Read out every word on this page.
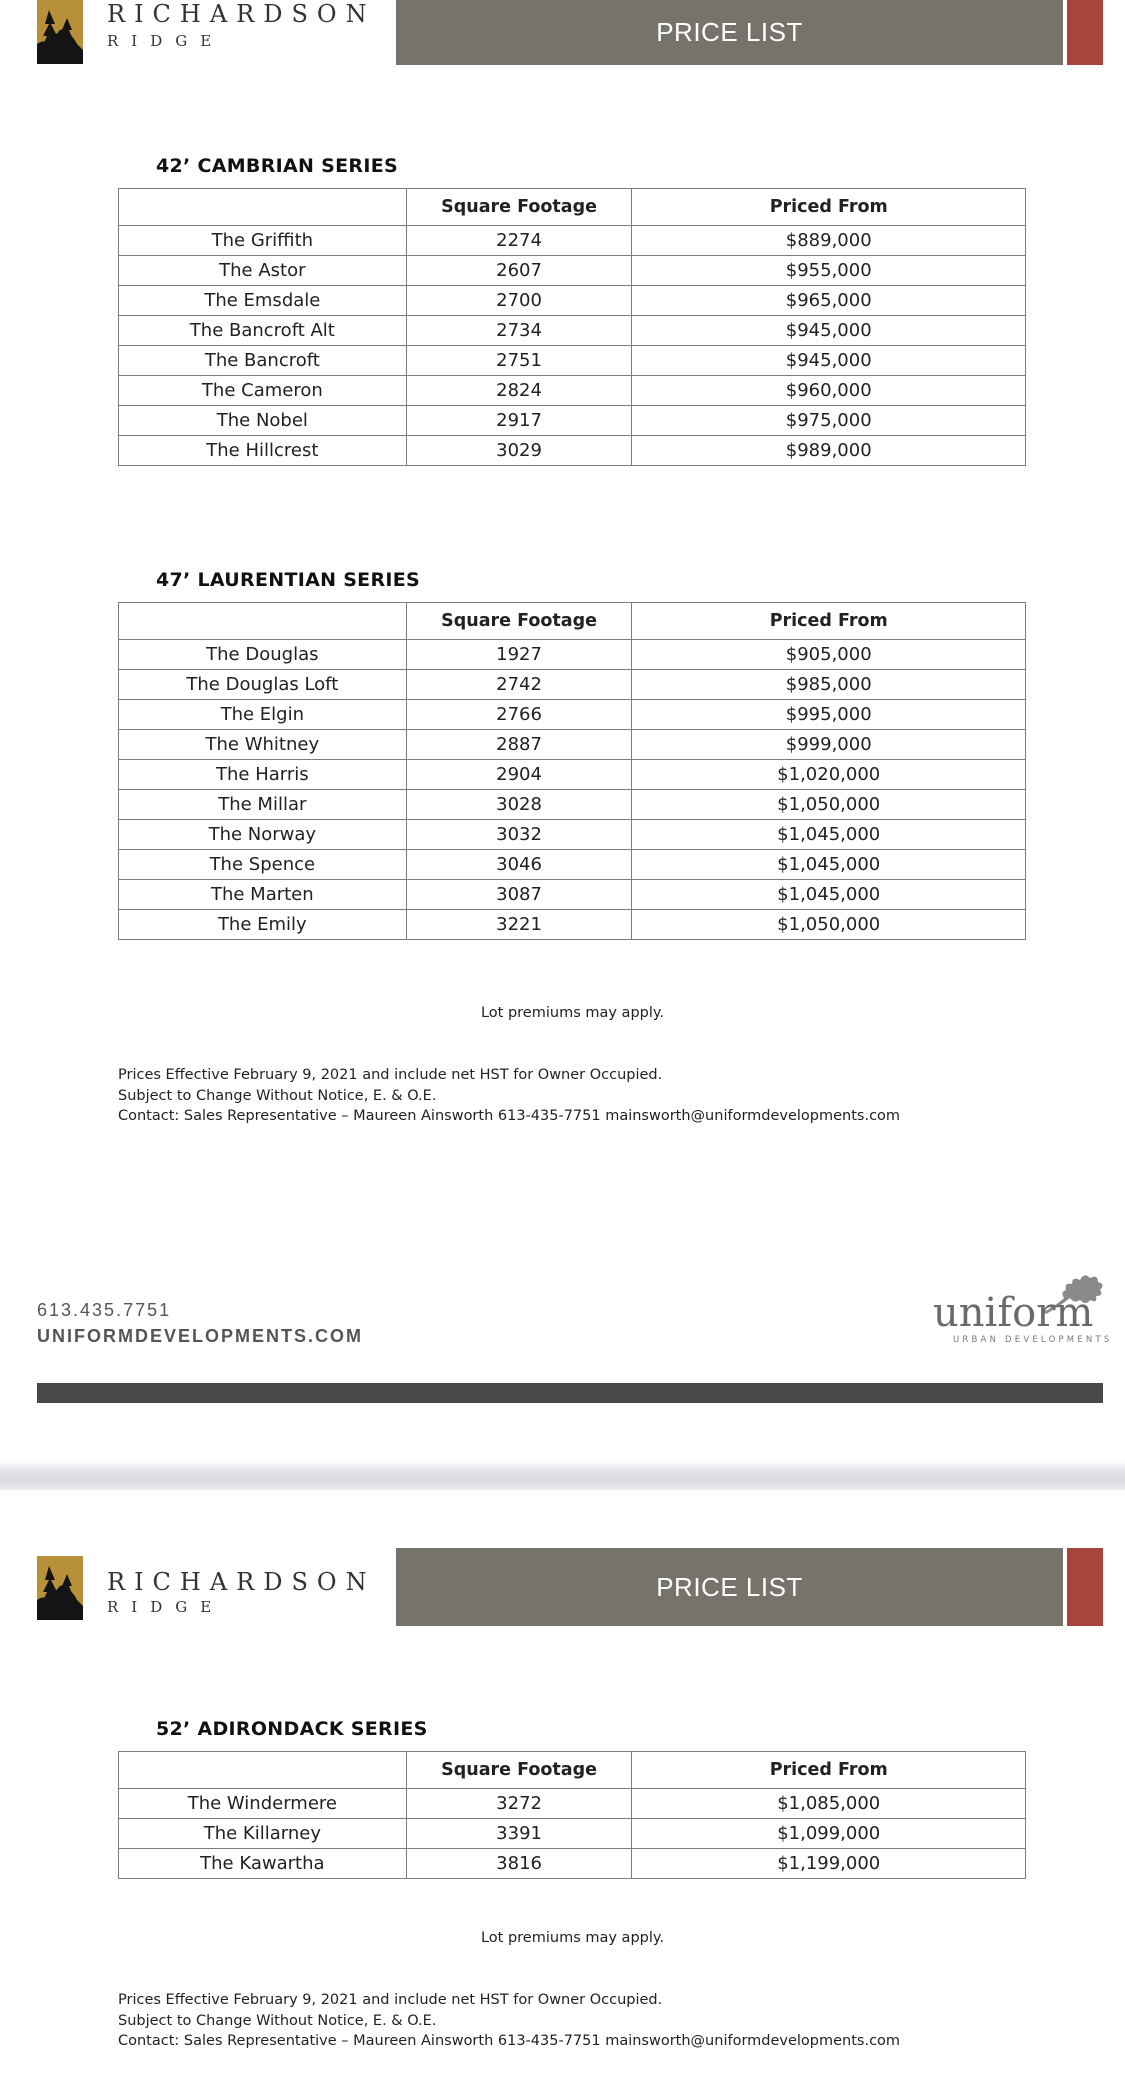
RICHARDSON
RIDGE	PRICE LIST
42’ CAMBRIAN SERIES
	Square Footage	Priced From
The Griffith	2274	$889,000
The Astor	2607	$955,000
The Emsdale	2700	$965,000
The Bancroft Alt	2734	$945,000
The Bancroft	2751	$945,000
The Cameron	2824	$960,000
The Nobel	2917	$975,000
The Hillcrest	3029	$989,000
47’ LAURENTIAN SERIES
	Square Footage	Priced From
The Douglas	1927	$905,000
The Douglas Loft	2742	$985,000
The Elgin	2766	$995,000
The Whitney	2887	$999,000
The Harris	2904	$1,020,000
The Millar	3028	$1,050,000
The Norway	3032	$1,045,000
The Spence	3046	$1,045,000
The Marten	3087	$1,045,000
The Emily	3221	$1,050,000
Lot premiums may apply.
Prices Effective February 9, 2021 and include net HST for Owner Occupied.
Subject to Change Without Notice, E. & O.E.
Contact: Sales Representative – Maureen Ainsworth 613-435-7751 mainsworth@uniformdevelopments.com
613.435.7751
UNIFORMDEVELOPMENTS.COM	uniform
URBAN DEVELOPMENTS
RICHARDSON
RIDGE
PRICE LIST
52’ ADIRONDACK SERIES
	Square Footage	Priced From
The Windermere	3272	$1,085,000
The Killarney	3391	$1,099,000
The Kawartha	3816	$1,199,000
Lot premiums may apply.
Prices Effective February 9, 2021 and include net HST for Owner Occupied.
Subject to Change Without Notice, E. & O.E.
Contact: Sales Representative – Maureen Ainsworth 613-435-7751 mainsworth@uniformdevelopments.com
